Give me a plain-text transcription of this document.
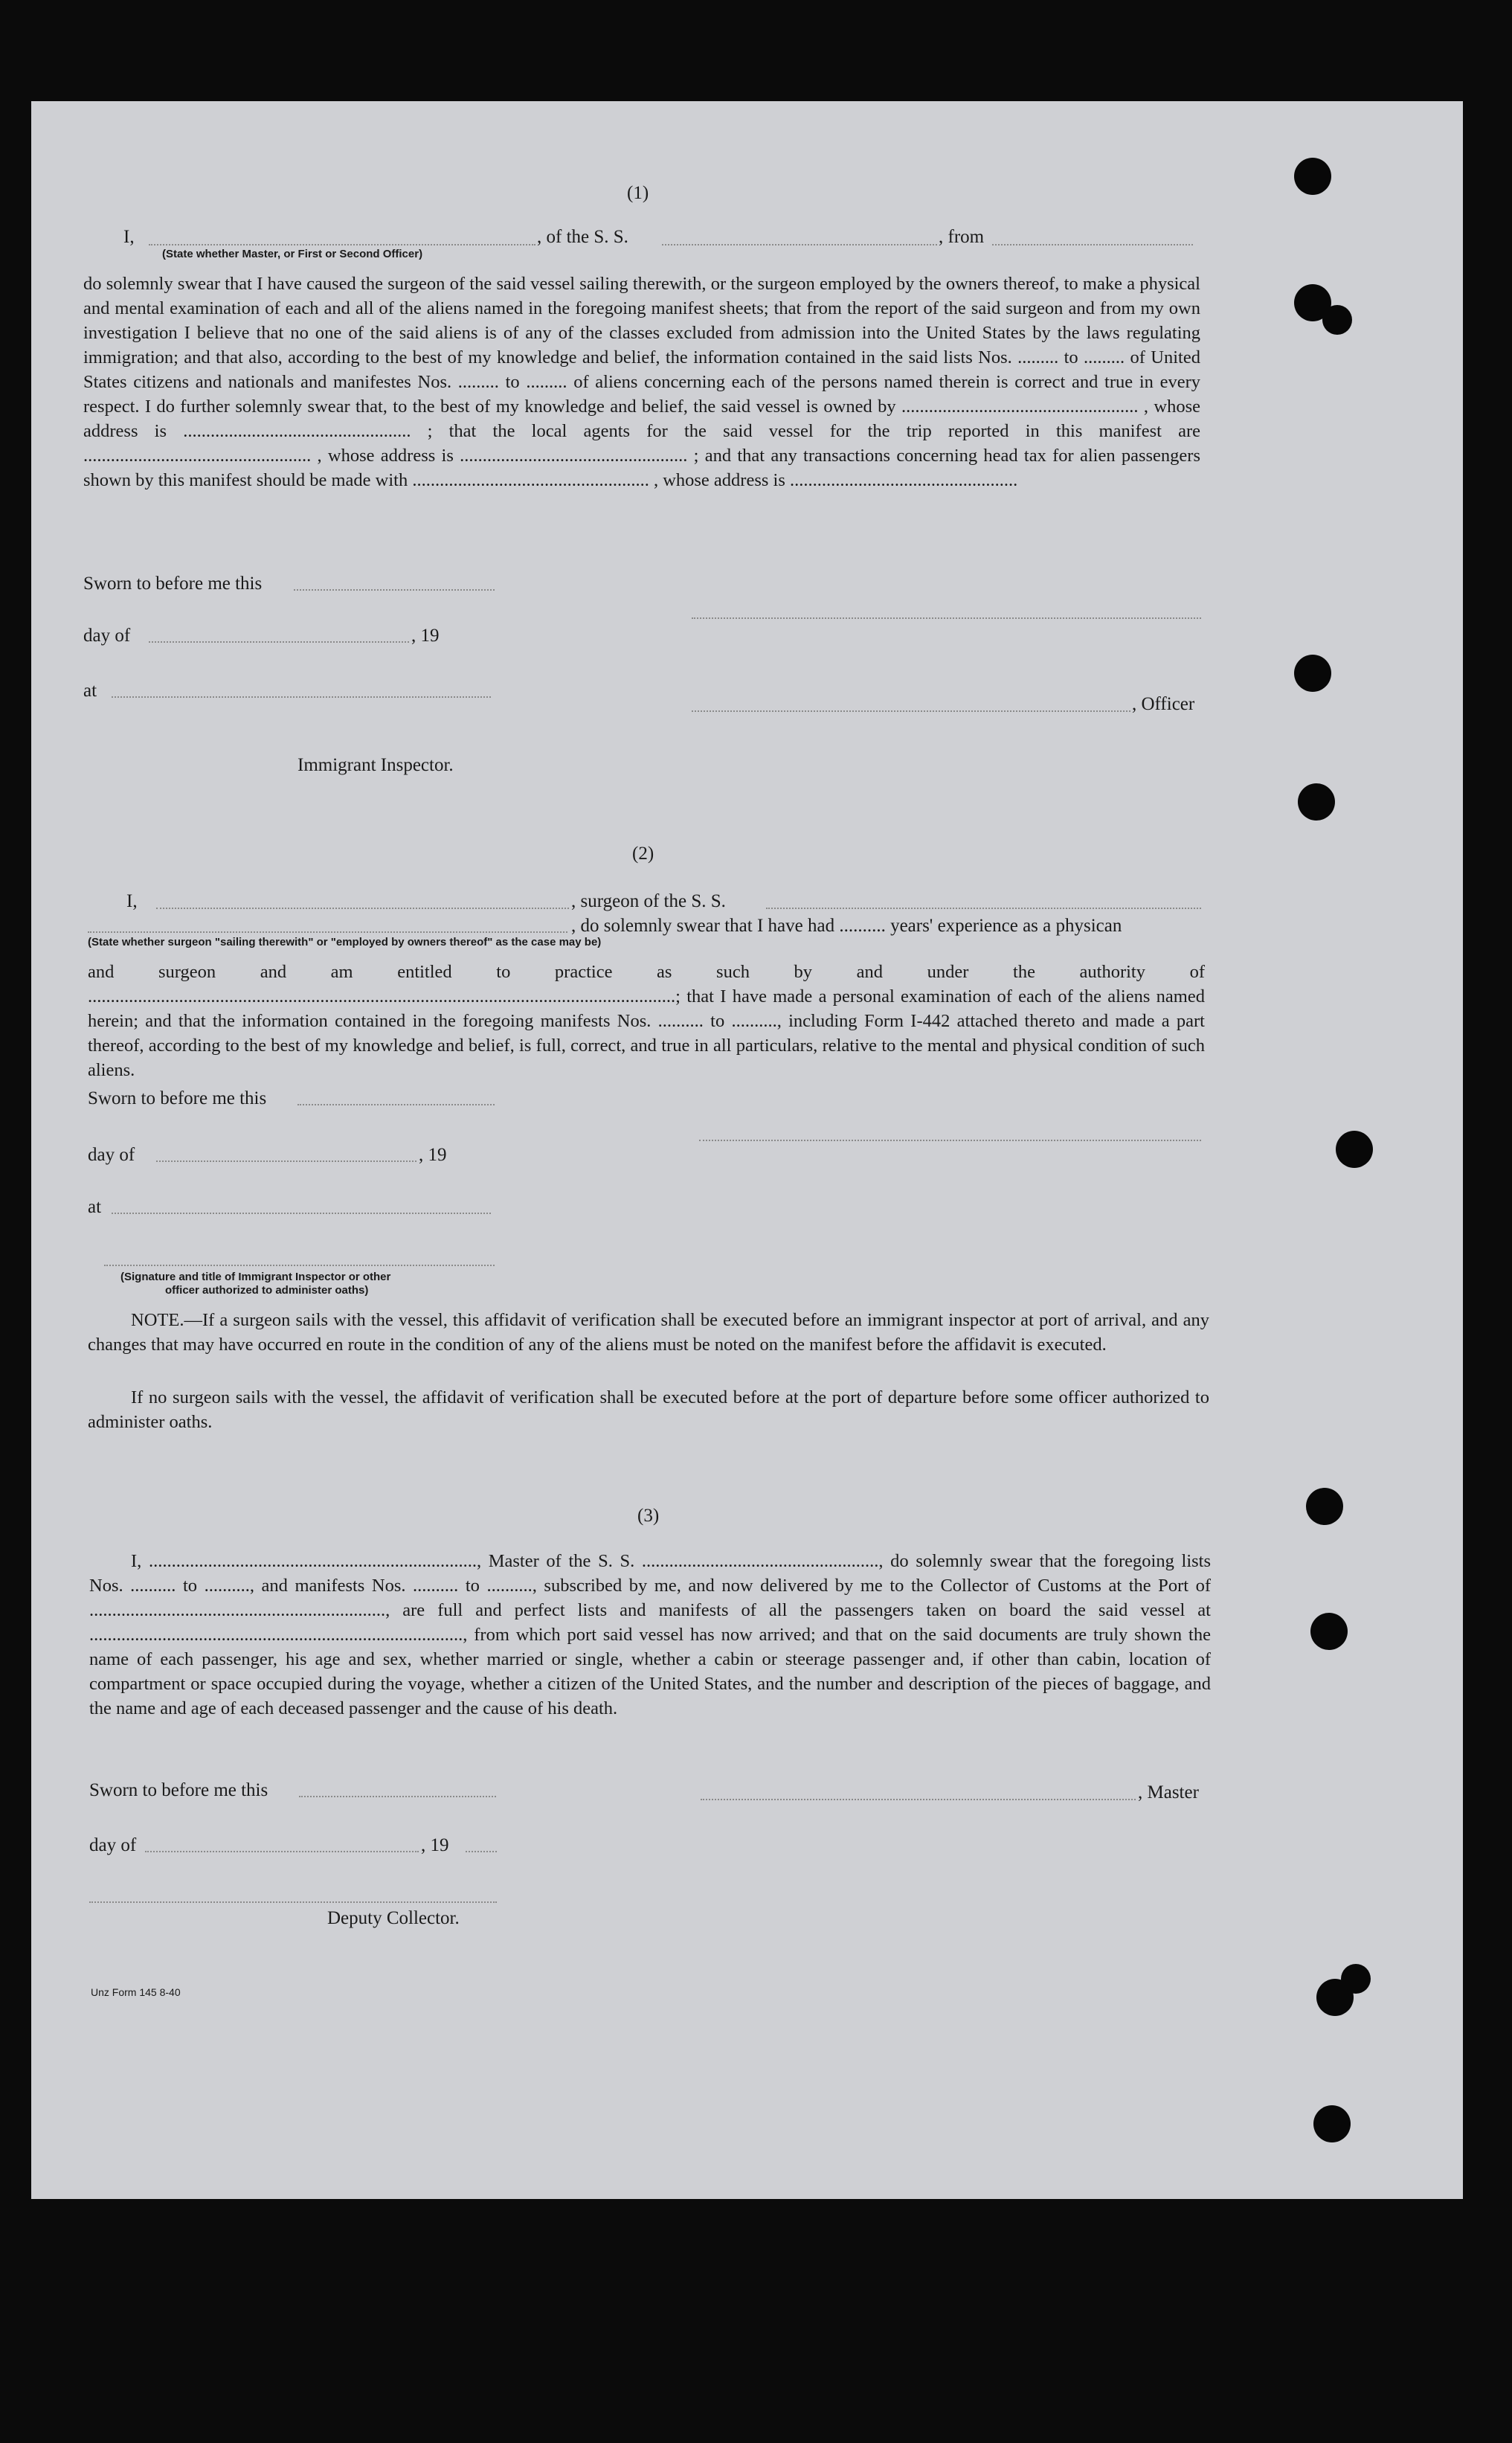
(1)
I,	, of the S. S.	, from
(State whether Master, or First or Second Officer)
do solemnly swear that I have caused the surgeon of the said vessel sailing therewith, or the surgeon employed by the owners thereof, to make a physical and mental examination of each and all of the aliens named in the foregoing manifest sheets; that from the report of the said surgeon and from my own investigation I believe that no one of the said aliens is of any of the classes excluded from admission into the United States by the laws regulating immigration; and that also, according to the best of my knowledge and belief, the information contained in the said lists Nos. ......... to ......... of United States citizens and nationals and manifestes Nos. ......... to ......... of aliens concerning each of the persons named therein is correct and true in every respect. I do further solemnly swear that, to the best of my knowledge and belief, the said vessel is owned by .................................................... , whose address is .................................................. ; that the local agents for the said vessel for the trip reported in this manifest are .................................................. , whose address is .................................................. ; and that any transactions concerning head tax for alien passengers shown by this manifest should be made with .................................................... , whose address is ..................................................
Sworn to before me this
day of	, 19
at
, Officer
Immigrant Inspector.
(2)
I,	, surgeon of the S. S.
, do solemnly swear that I have had .......... years' experience as a physican
(State whether surgeon "sailing therewith" or "employed by owners thereof" as the case may be)
and surgeon and am entitled to practice as such by and under the authority of .................................................................................................................................; that I have made a personal examination of each of the aliens named herein; and that the information contained in the foregoing manifests Nos. .......... to .........., including Form I-442 attached thereto and made a part thereof, according to the best of my knowledge and belief, is full, correct, and true in all particulars, relative to the mental and physical condition of such aliens.
Sworn to before me this
day of	, 19
at
(Signature and title of Immigrant Inspector or other
officer authorized to administer oaths)
NOTE.—If a surgeon sails with the vessel, this affidavit of verification shall be executed before an immigrant inspector at port of arrival, and any changes that may have occurred en route in the condition of any of the aliens must be noted on the manifest before the affidavit is executed.
If no surgeon sails with the vessel, the affidavit of verification shall be executed before at the port of departure before some officer authorized to administer oaths.
(3)
I, ........................................................................, Master of the S. S. ...................................................., do solemnly swear that the foregoing lists Nos. .......... to .........., and manifests Nos. .......... to .........., subscribed by me, and now delivered by me to the Collector of Customs at the Port of ................................................................., are full and perfect lists and manifests of all the passengers taken on board the said vessel at .................................................................................., from which port said vessel has now arrived; and that on the said documents are truly shown the name of each passenger, his age and sex, whether married or single, whether a cabin or steerage passenger and, if other than cabin, location of compartment or space occupied during the voyage, whether a citizen of the United States, and the number and description of the pieces of baggage, and the name and age of each deceased passenger and the cause of his death.
Sworn to before me this	, Master
day of	, 19
Deputy Collector.
Unz Form 145 8-40
